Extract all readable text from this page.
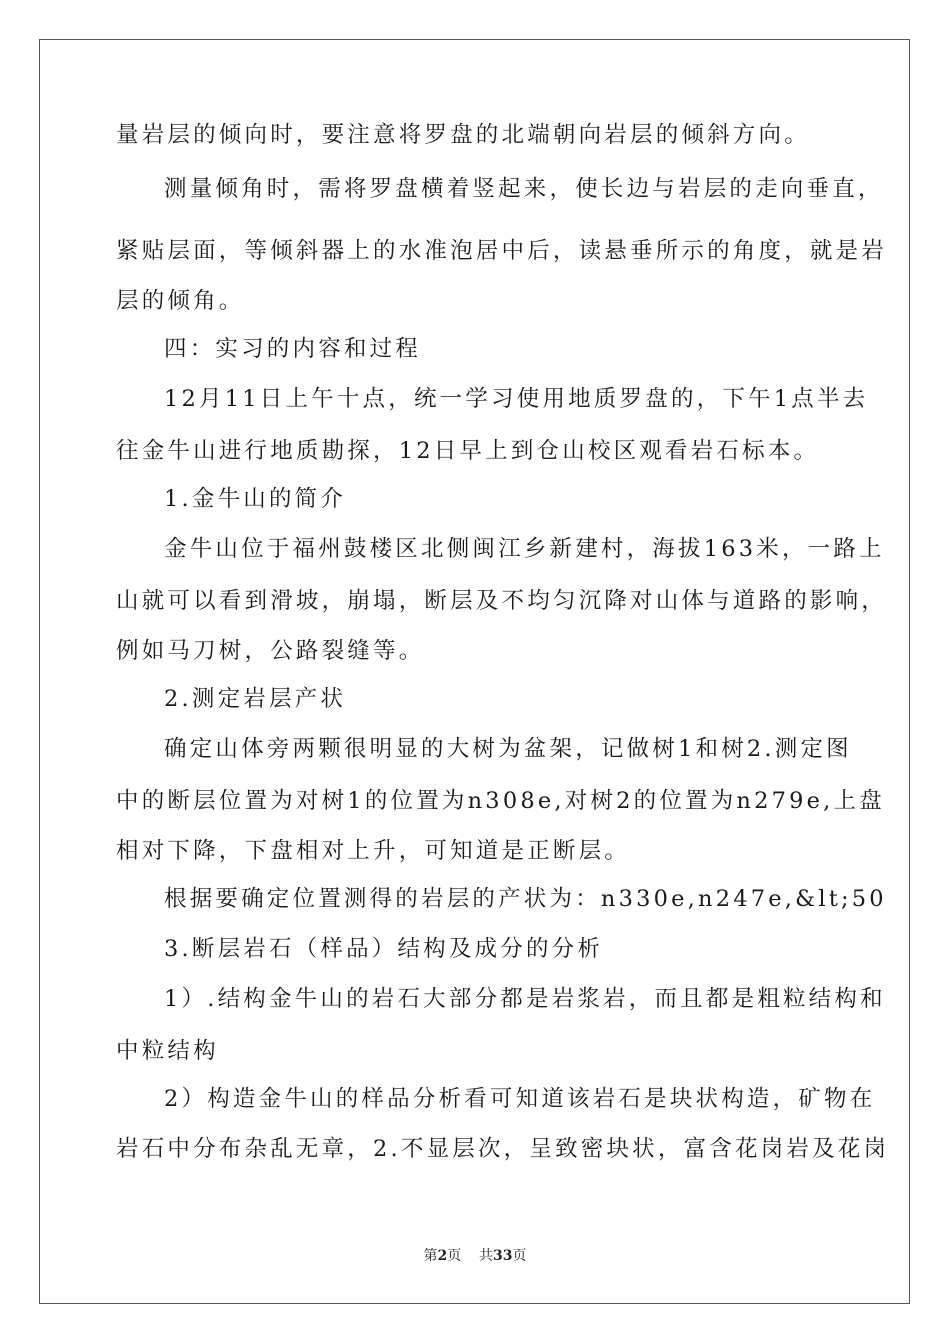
量岩层的倾向时，要注意将罗盘的北端朝向岩层的倾斜方向。
测量倾角时，需将罗盘横着竖起来，使长边与岩层的走向垂直，
紧贴层面，等倾斜器上的水准泡居中后，读悬垂所示的角度，就是岩
层的倾角。
四：实习的内容和过程
12月11日上午十点，统一学习使用地质罗盘的，下午1点半去
往金牛山进行地质勘探，12日早上到仓山校区观看岩石标本。
1.金牛山的简介
金牛山位于福州鼓楼区北侧闽江乡新建村，海拔163米，一路上
山就可以看到滑坡，崩塌，断层及不均匀沉降对山体与道路的影响，
例如马刀树，公路裂缝等。
2.测定岩层产状
确定山体旁两颗很明显的大树为盆架，记做树1和树2.测定图
中的断层位置为对树1的位置为n308e,对树2的位置为n279e,上盘
相对下降，下盘相对上升，可知道是正断层。
根据要确定位置测得的岩层的产状为：n330e,n247e,&lt;50
3.断层岩石（样品）结构及成分的分析
1）.结构金牛山的岩石大部分都是岩浆岩，而且都是粗粒结构和
中粒结构
2）构造金牛山的样品分析看可知道该岩石是块状构造，矿物在
岩石中分布杂乱无章，2.不显层次，呈致密块状，富含花岗岩及花岗
第2页 共33页
